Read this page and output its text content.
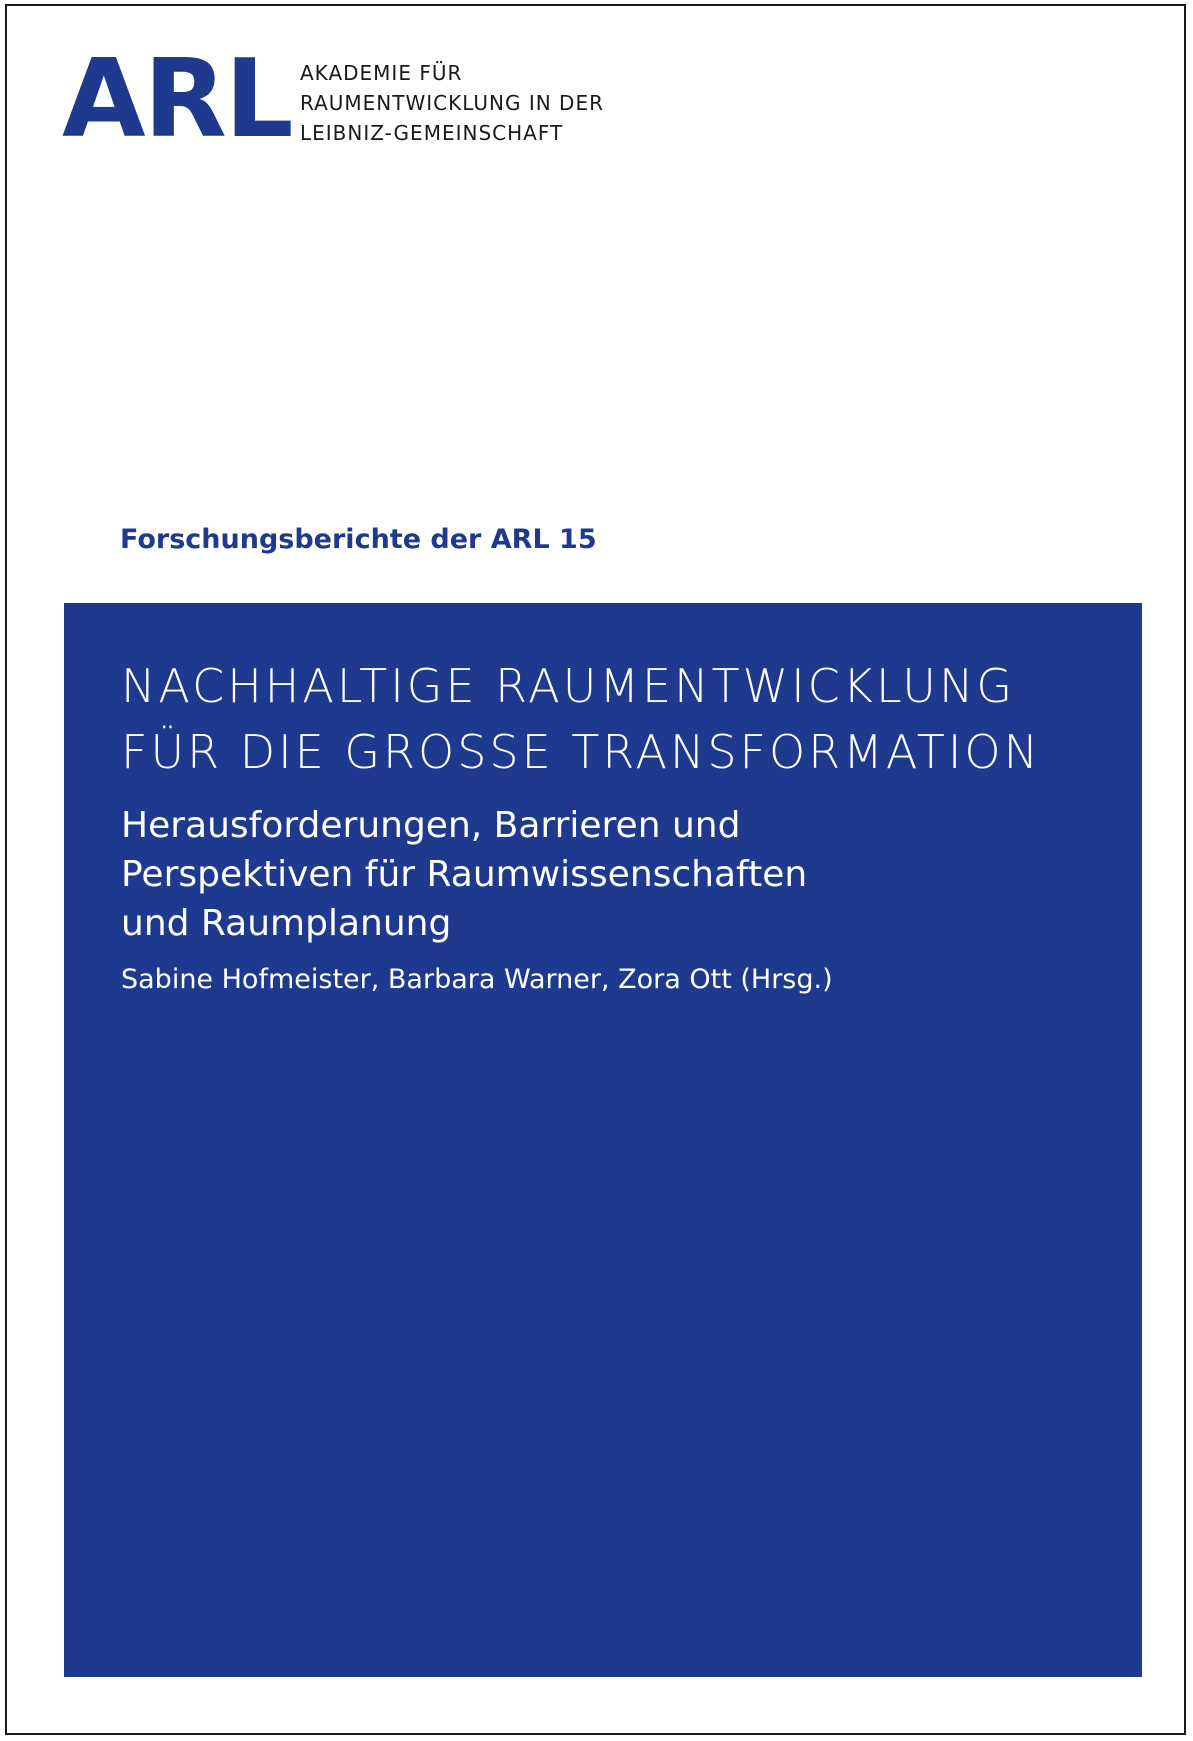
ARL AKADEMIE FÜR
RAUMENTWICKLUNG IN DER
LEIBNIZ-GEMEINSCHAFT
Forschungsberichte der ARL 15
NACHHALTIGE RAUMENTWICKLUNG
FÜR DIE GROSSE TRANSFORMATION
Herausforderungen, Barrieren und
Perspektiven für Raumwissenschaften
und Raumplanung
Sabine Hofmeister, Barbara Warner, Zora Ott (Hrsg.)
